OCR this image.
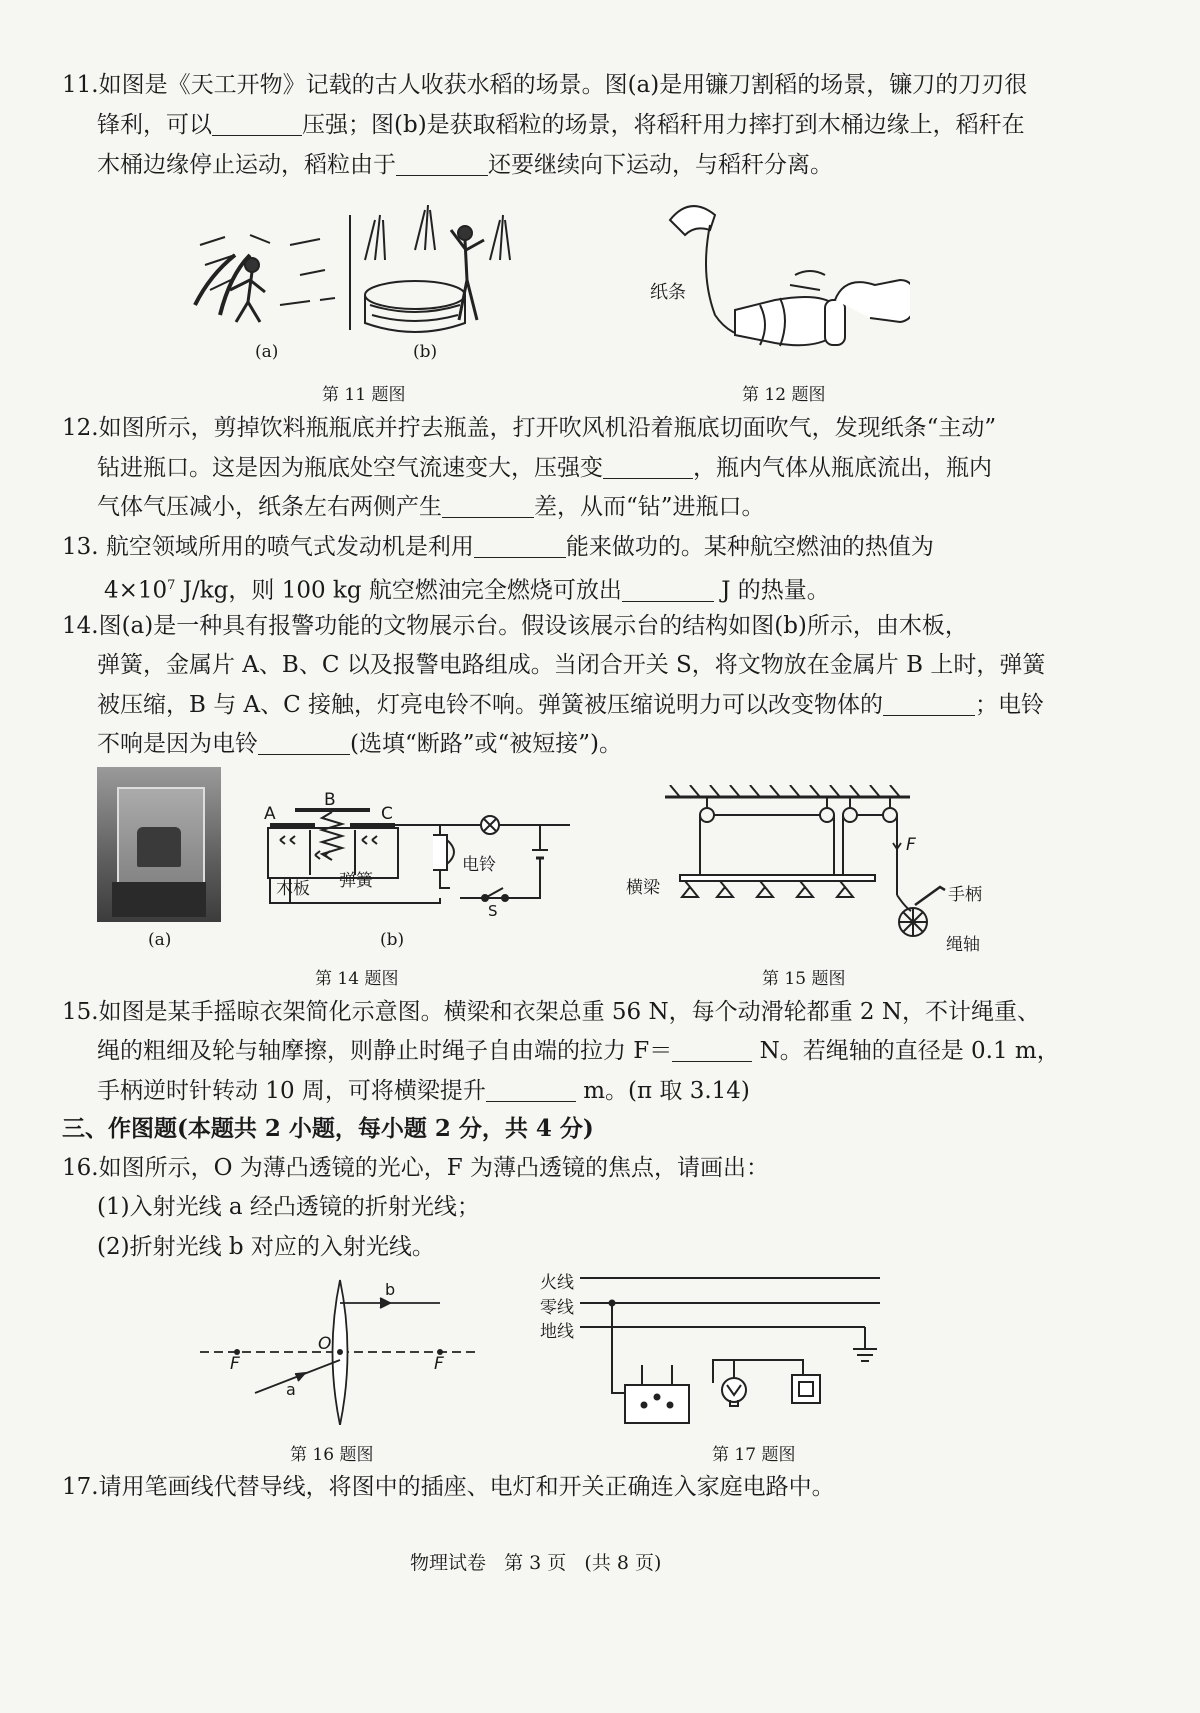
11.如图是《天工开物》记载的古人收获水稻的场景。图(a)是用镰刀割稻的场景，镰刀的刀刃很
锋利，可以	压强；图(b)是获取稻粒的场景，将稻秆用力摔打到木桶边缘上，稻秆在
木桶边缘停止运动，稻粒由于	还要继续向下运动，与稻秆分离。
(a)	(b)
第 11 题图
纸条
第 12 题图
12.如图所示，剪掉饮料瓶瓶底并拧去瓶盖，打开吹风机沿着瓶底切面吹气，发现纸条“主动”
钻进瓶口。这是因为瓶底处空气流速变大，压强变	，瓶内气体从瓶底流出，瓶内
气体气压减小，纸条左右两侧产生	差，从而“钻”进瓶口。
13. 航空领域所用的喷气式发动机是利用	能来做功的。某种航空燃油的热值为
$4\times 10^7$ J/kg，则 100 kg 航空燃油完全燃烧可放出	J 的热量。
14.图(a)是一种具有报警功能的文物展示台。假设该展示台的结构如图(b)所示，由木板，
弹簧，金属片 A、B、C 以及报警电路组成。当闭合开关 S，将文物放在金属片 B 上时，弹簧
被压缩，B 与 A、C 接触，灯亮电铃不响。弹簧被压缩说明力可以改变物体的	；电铃
不响是因为电铃	(选填“断路”或“被短接”)。
(a)
A
B
C
木板 弹簧
电铃
S
(b)
第 14 题图
F
横梁	手柄
绳轴
第 15 题图
15.如图是某手摇晾衣架简化示意图。横梁和衣架总重 56 N，每个动滑轮都重 2 N，不计绳重、
绳的粗细及轮与轴摩擦，则静止时绳子自由端的拉力 F＝	N。若绳轴的直径是 0.1 m，
手柄逆时针转动 10 周，可将横梁提升	m。(π 取 3.14)
三、作图题(本题共 2 小题，每小题 2 分，共 4 分)
16.如图所示，O 为薄凸透镜的光心，F 为薄凸透镜的焦点，请画出：
(1)入射光线 a 经凸透镜的折射光线；
(2)折射光线 b 对应的入射光线。
b
O
F	F
a
第 16 题图
火线
零线
地线
第 17 题图
17.请用笔画线代替导线，将图中的插座、电灯和开关正确连入家庭电路中。
物理试卷   第 3 页   (共 8 页)
